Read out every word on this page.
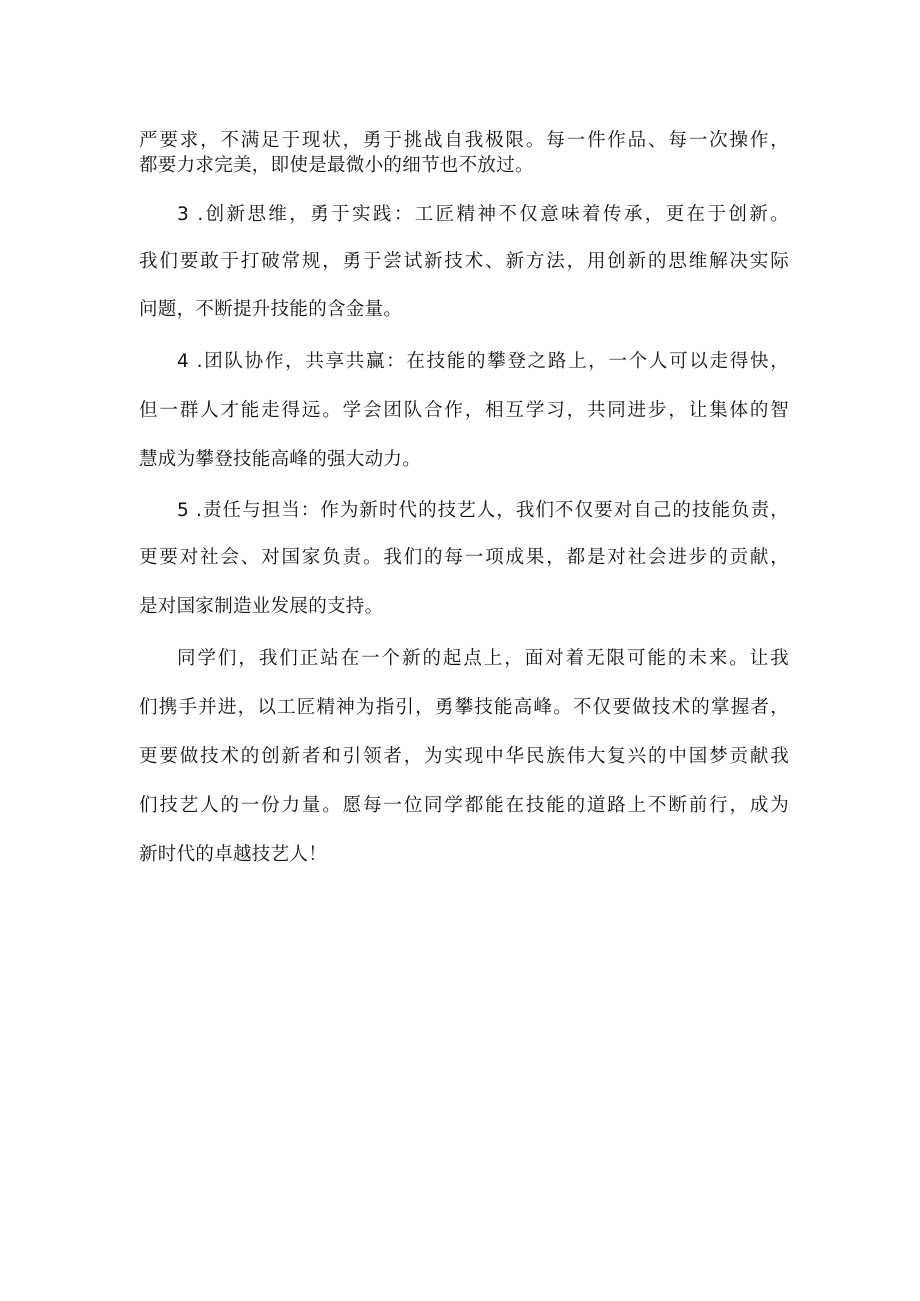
严要求，不满足于现状，勇于挑战自我极限。每一件作品、每一次操作，
都要力求完美，即使是最微小的细节也不放过。
3 .创新思维，勇于实践：工匠精神不仅意味着传承，更在于创新。
我们要敢于打破常规，勇于尝试新技术、新方法，用创新的思维解决实际
问题，不断提升技能的含金量。
4 .团队协作，共享共赢：在技能的攀登之路上，一个人可以走得快，
但一群人才能走得远。学会团队合作，相互学习，共同进步，让集体的智
慧成为攀登技能高峰的强大动力。
5 .责任与担当：作为新时代的技艺人，我们不仅要对自己的技能负责，
更要对社会、对国家负责。我们的每一项成果，都是对社会进步的贡献，
是对国家制造业发展的支持。
同学们，我们正站在一个新的起点上，面对着无限可能的未来。让我
们携手并进，以工匠精神为指引，勇攀技能高峰。不仅要做技术的掌握者，
更要做技术的创新者和引领者，为实现中华民族伟大复兴的中国梦贡献我
们技艺人的一份力量。愿每一位同学都能在技能的道路上不断前行，成为
新时代的卓越技艺人！
